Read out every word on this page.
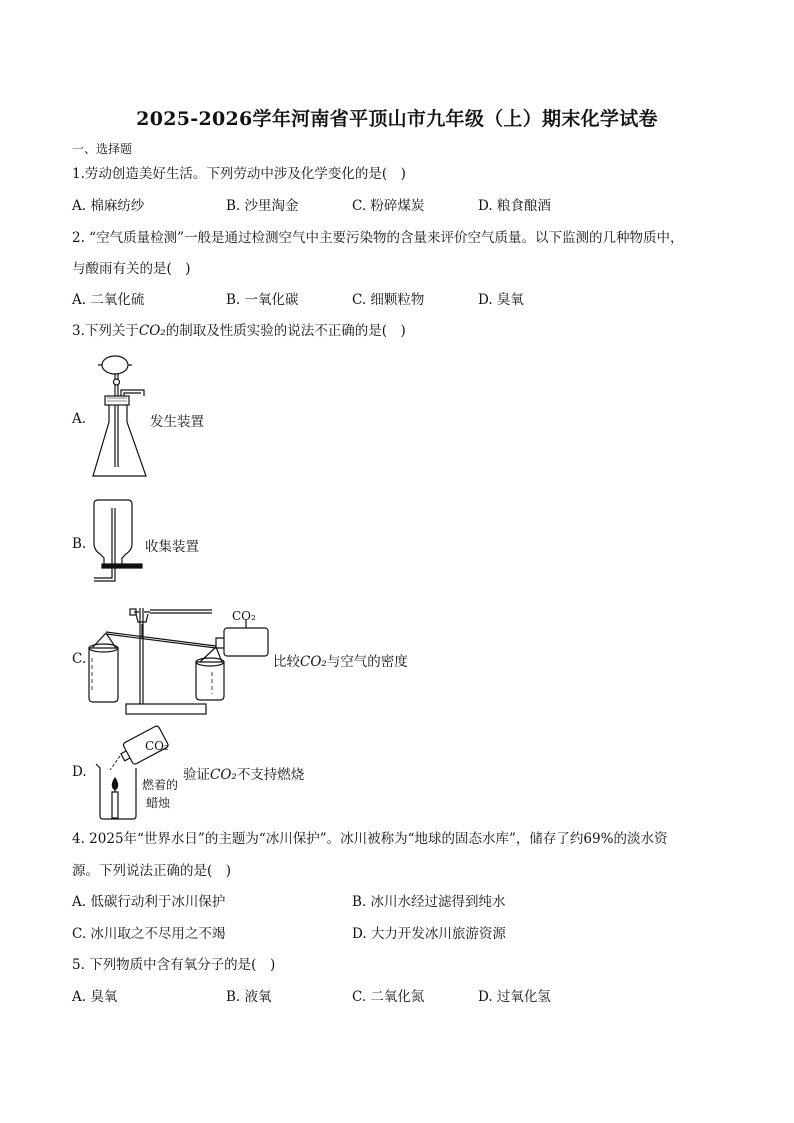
2025-2026学年河南省平顶山市九年级（上）期末化学试卷
一、选择题
1.劳动创造美好生活。下列劳动中涉及化学变化的是(　)
A. 棉麻纺纱	B. 沙里淘金	C. 粉碎煤炭	D. 粮食酿酒
2. “空气质量检测”一般是通过检测空气中主要污染物的含量来评价空气质量。以下监测的几种物质中，
与酸雨有关的是(　)
A. 二氧化硫	B. 一氧化碳	C. 细颗粒物	D. 臭氧
3.下列关于CO₂的制取及性质实验的说法不正确的是(　)
A.	发生装置
B.	收集装置
C.
CO₂
比较CO₂与空气的密度
D.
CO₂
燃着的
蜡烛
验证CO₂不支持燃烧
4. 2025年“世界水日”的主题为“冰川保护”。冰川被称为“地球的固态水库”，储存了约69%的淡水资
源。下列说法正确的是(　)
A. 低碳行动利于冰川保护	B. 冰川水经过滤得到纯水
C. 冰川取之不尽用之不竭	D. 大力开发冰川旅游资源
5. 下列物质中含有氧分子的是(　)
A. 臭氧	B. 液氧	C. 二氧化氮	D. 过氧化氢
